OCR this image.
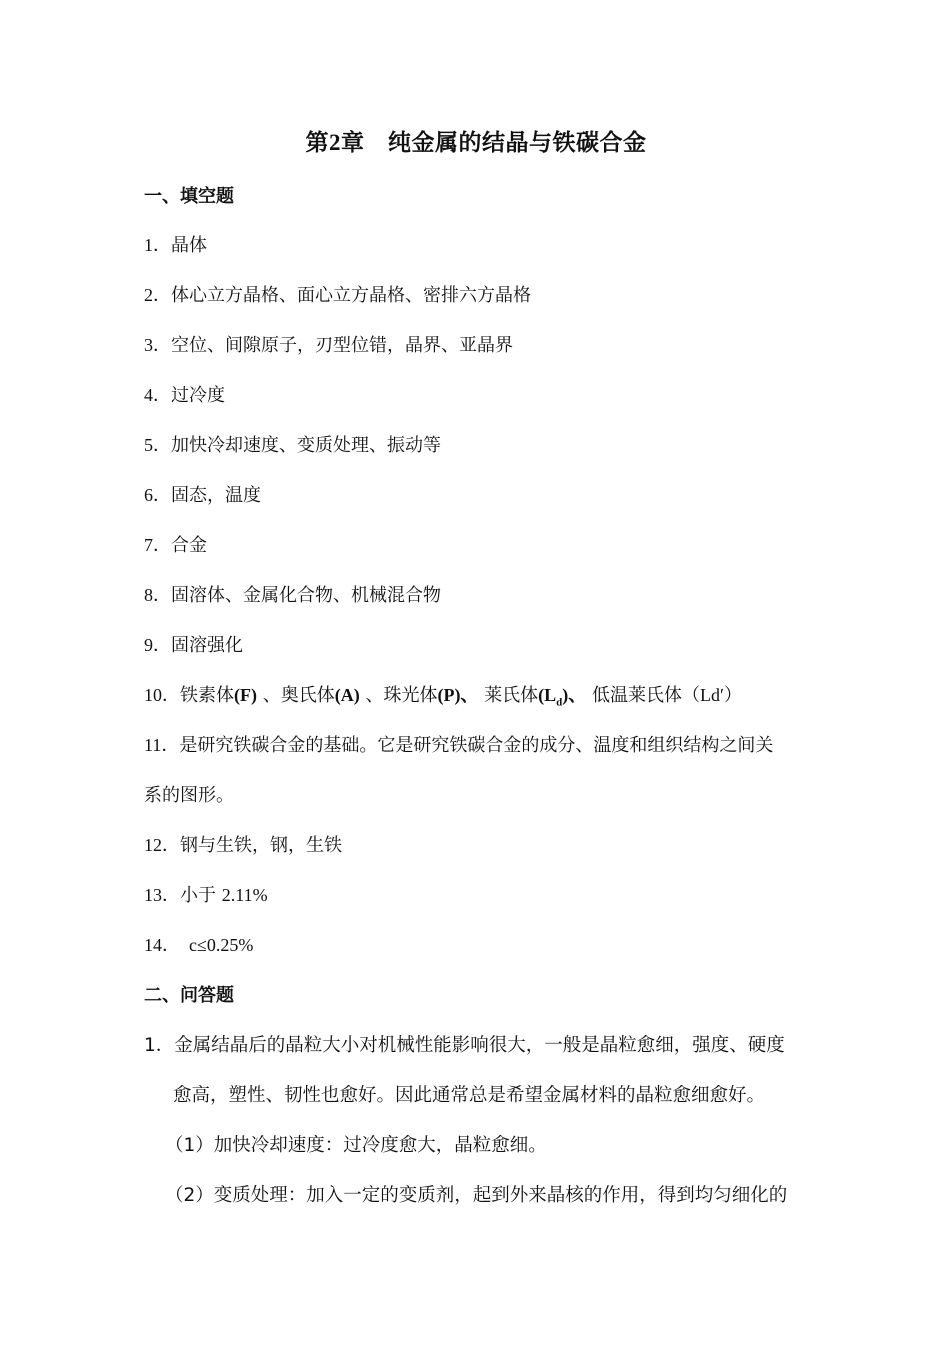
第2章　纯金属的结晶与铁碳合金
一、填空题
1．晶体
2．体心立方晶格、面心立方晶格、密排六方晶格
3．空位、间隙原子，刃型位错，晶界、亚晶界
4．过冷度
5．加快冷却速度、变质处理、振动等
6．固态，温度
7．合金
8．固溶体、金属化合物、机械混合物
9．固溶强化
10．铁素体(F) 、奥氏体(A) 、珠光体(P)、 莱氏体$(L_d)$、 低温莱氏体（Ld′）
11．是研究铁碳合金的基础。它是研究铁碳合金的成分、温度和组织结构之间关
系的图形。
12．钢与生铁，钢，生铁
13．小于 2.11%
14．  c≤0.25%
二、问答题
1．金属结晶后的晶粒大小对机械性能影响很大，一般是晶粒愈细，强度、硬度
愈高，塑性、韧性也愈好。因此通常总是希望金属材料的晶粒愈细愈好。
（1）加快冷却速度：过冷度愈大，晶粒愈细。
（2）变质处理：加入一定的变质剂，起到外来晶核的作用，得到均匀细化的
